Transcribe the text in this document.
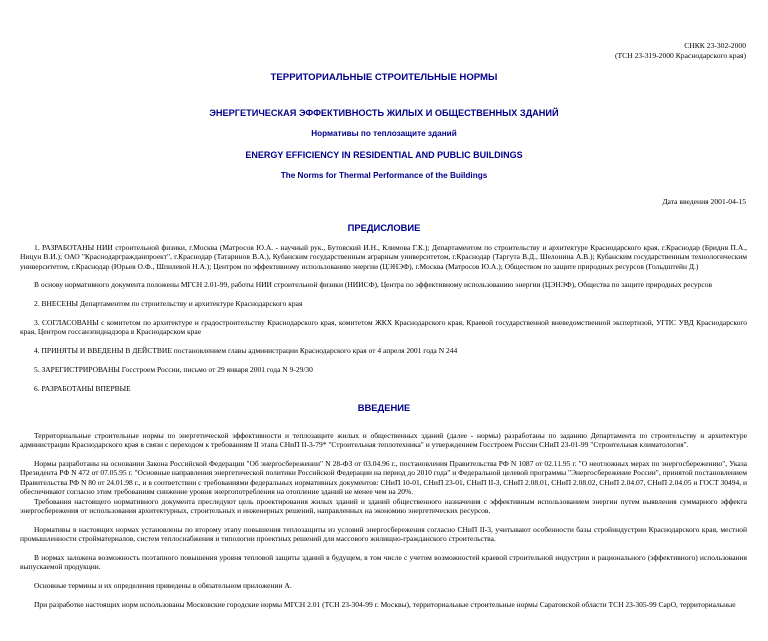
СНКК 23-302-2000
(ТСН 23-319-2000 Краснодарского края)
ТЕРРИТОРИАЛЬНЫЕ СТРОИТЕЛЬНЫЕ НОРМЫ
ЭНЕРГЕТИЧЕСКАЯ ЭФФЕКТИВНОСТЬ ЖИЛЫХ И ОБЩЕСТВЕННЫХ ЗДАНИЙ
Нормативы по теплозащите зданий
ENERGY EFFICIENCY IN RESIDENTIAL AND PUBLIC BUILDINGS
The Norms for Thermal Performance of the Buildings
Дата введения 2001-04-15
ПРЕДИСЛОВИЕ

1. РАЗРАБОТАНЫ НИИ строительной физики, г.Москва (Матросов Ю.А. - научный рук., Бутовский И.Н., Климова Г.К.); Департаментом по строительству и архитектуре Краснодарского края, г.Краснодар (Бридня П.А., Ницун В.И.); ОАО "Краснодаргражданпроект", г.Краснодар (Татаринов В.А.), Кубанским государственным аграрным университетом, г.Краснодар (Таргута В.Д., Шелонина А.В.); Кубанским государственным технологическим университетом, г.Краснодар (Юрьев О.Ф., Шпилевой Н.А.); Центром по эффективному использованию энергии (ЦЭНЭФ), г.Москва (Матросов Ю.А.); Обществом по защите природных ресурсов (Гольдштейн Д.)

В основу нормативного документа положены МГСН 2.01-99, работы НИИ строительной физики (НИИСФ), Центра по эффективному использованию энергии (ЦЭНЭФ), Общества по защите природных ресурсов

2. ВНЕСЕНЫ Департаментом по строительству и архитектуре Краснодарского края

3. СОГЛАСОВАНЫ с комитетом по архитектуре и градостроительству Краснодарского края, комитетом ЖКХ Краснодарского края, Краевой государственной вневедомственной экспертизой, УГПС УВД Краснодарского края, Центром госсанэпиднадзора в Краснодарском крае

4. ПРИНЯТЫ И ВВЕДЕНЫ В ДЕЙСТВИЕ постановлением главы администрации Краснодарского края от 4 апреля 2001 года N 244

5. ЗАРЕГИСТРИРОВАНЫ Госстроем России, письмо от 29 января 2001 года N 9-29/30

6. РАЗРАБОТАНЫ ВПЕРВЫЕ

ВВЕДЕНИЕ

Территориальные строительные нормы по энергетической эффективности и теплозащите жилых и общественных зданий (далее - нормы) разработаны по заданию Департамента по строительству и архитектуре администрации Краснодарского края в связи с переходом к требованиям II этапа СНиП II-3-79* "Строительная теплотехника" и утверждением Госстроем России СНиП 23-01-99 "Строительная климатология".

Нормы разработаны на основании Закона Российской Федерации "Об энергосбережении" N 28-ФЗ от 03.04.96 г., постановления Правительства РФ N 1087 от 02.11.95 г. "О неотложных мерах по энергосбережению", Указа Президента РФ N 472 от 07.05.95 г. "Основные направления энергетической политики Российской Федерации на период до 2010 года" и Федеральной целевой программы "Энергосбережение России", принятой постановлением Правительства РФ N 80 от 24.01.98 г., и в соответствии с требованиями федеральных нормативных документов: СНиП 10-01, СНиП 23-01, СНиП II-3, СНиП 2.08.01, СНиП 2.08.02, СНиП 2.04.07, СНиП 2.04.05 и ГОСТ 30494, и обеспечивают согласно этим требованиям снижение уровня энергопотребления на отопление зданий не менее чем на 20%.

Требования настоящего нормативного документа преследуют цель проектирования жилых зданий и зданий общественного назначения с эффективным использованием энергии путем выявления суммарного эффекта энергосбережения от использования архитектурных, строительных и инженерных решений, направленных на экономию энергетических ресурсов.

Нормативы в настоящих нормах установлены по второму этапу повышения теплозащиты из условий энергосбережения согласно СНиП II-3, учитывают особенности базы стройиндустрии Краснодарского края, местной промышленности стройматериалов, систем теплоснабжения и типологии проектных решений для массового жилищно-гражданского строительства.

В нормах заложена возможность поэтапного повышения уровня тепловой защиты зданий в будущем, в том числе с учетом возможностей краевой строительной индустрии и рационального (эффективного) использования выпускаемой продукции.

Основные термины и их определения приведены в обязательном приложении А.

При разработке настоящих норм использованы Московские городские нормы МГСН 2.01 (ТСН 23-304-99 г. Москвы), территориальные строительные нормы Саратовской области ТСН 23-305-99 СарО, территориальные
